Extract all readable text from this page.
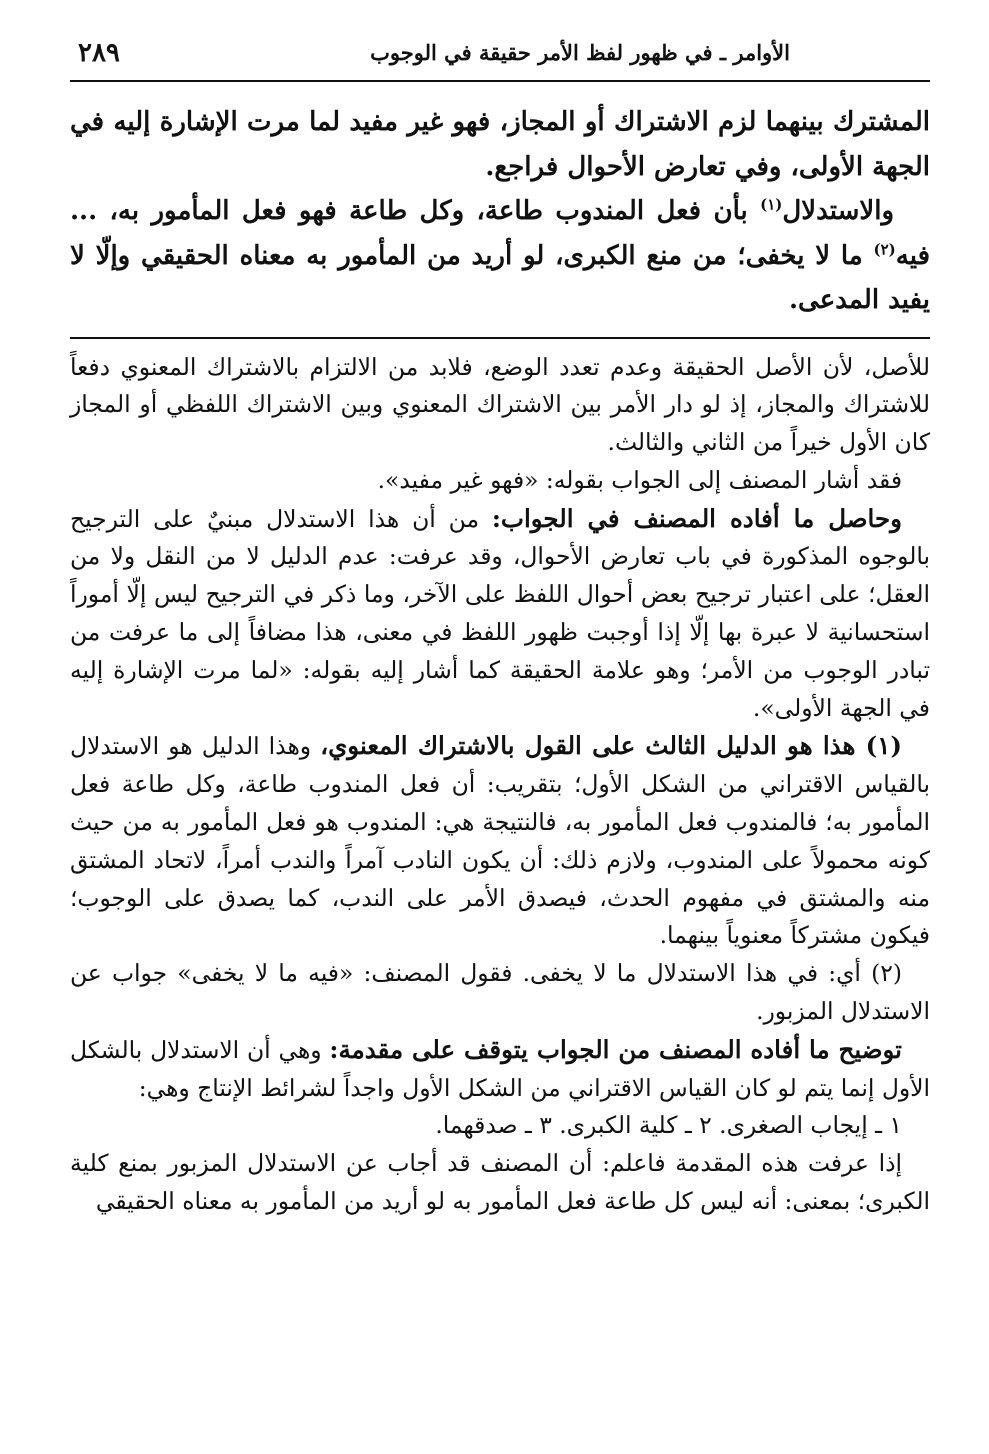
الأوامر ـ في ظهور لفظ الأمر حقيقة في الوجوب
٢٨٩

المشترك بينهما لزم الاشتراك أو المجاز، فهو غير مفيد لما مرت الإشارة إليه في الجهة الأولى، وفي تعارض الأحوال فراجع.

والاستدلال$^{(١)}$ بأن فعل المندوب طاعة، وكل طاعة فهو فعل المأمور به، ... فيه$^{(٢)}$ ما لا يخفى؛ من منع الكبرى، لو أريد من المأمور به معناه الحقيقي وإلّا لا يفيد المدعى.

للأصل، لأن الأصل الحقيقة وعدم تعدد الوضع، فلابد من الالتزام بالاشتراك المعنوي دفعاً للاشتراك والمجاز، إذ لو دار الأمر بين الاشتراك المعنوي وبين الاشتراك اللفظي أو المجاز كان الأول خيراً من الثاني والثالث.

فقد أشار المصنف إلى الجواب بقوله: «فهو غير مفيد».

وحاصل ما أفاده المصنف في الجواب: من أن هذا الاستدلال مبنيٌ على الترجيح بالوجوه المذكورة في باب تعارض الأحوال، وقد عرفت: عدم الدليل لا من النقل ولا من العقل؛ على اعتبار ترجيح بعض أحوال اللفظ على الآخر، وما ذكر في الترجيح ليس إلّا أموراً استحسانية لا عبرة بها إلّا إذا أوجبت ظهور اللفظ في معنى، هذا مضافاً إلى ما عرفت من تبادر الوجوب من الأمر؛ وهو علامة الحقيقة كما أشار إليه بقوله: «لما مرت الإشارة إليه في الجهة الأولى».

(١) هذا هو الدليل الثالث على القول بالاشتراك المعنوي، وهذا الدليل هو الاستدلال بالقياس الاقتراني من الشكل الأول؛ بتقريب: أن فعل المندوب طاعة، وكل طاعة فعل المأمور به؛ فالمندوب فعل المأمور به، فالنتيجة هي: المندوب هو فعل المأمور به من حيث كونه محمولاً على المندوب، ولازم ذلك: أن يكون النادب آمراً والندب أمراً، لاتحاد المشتق منه والمشتق في مفهوم الحدث، فيصدق الأمر على الندب، كما يصدق على الوجوب؛ فيكون مشتركاً معنوياً بينهما.

(٢) أي: في هذا الاستدلال ما لا يخفى. فقول المصنف: «فيه ما لا يخفى» جواب عن الاستدلال المزبور.

توضيح ما أفاده المصنف من الجواب يتوقف على مقدمة: وهي أن الاستدلال بالشكل الأول إنما يتم لو كان القياس الاقتراني من الشكل الأول واجداً لشرائط الإنتاج وهي:

١ ـ إيجاب الصغرى. ٢ ـ كلية الكبرى. ٣ ـ صدقهما.

إذا عرفت هذه المقدمة فاعلم: أن المصنف قد أجاب عن الاستدلال المزبور بمنع كلية الكبرى؛ بمعنى: أنه ليس كل طاعة فعل المأمور به لو أريد من المأمور به معناه الحقيقي
